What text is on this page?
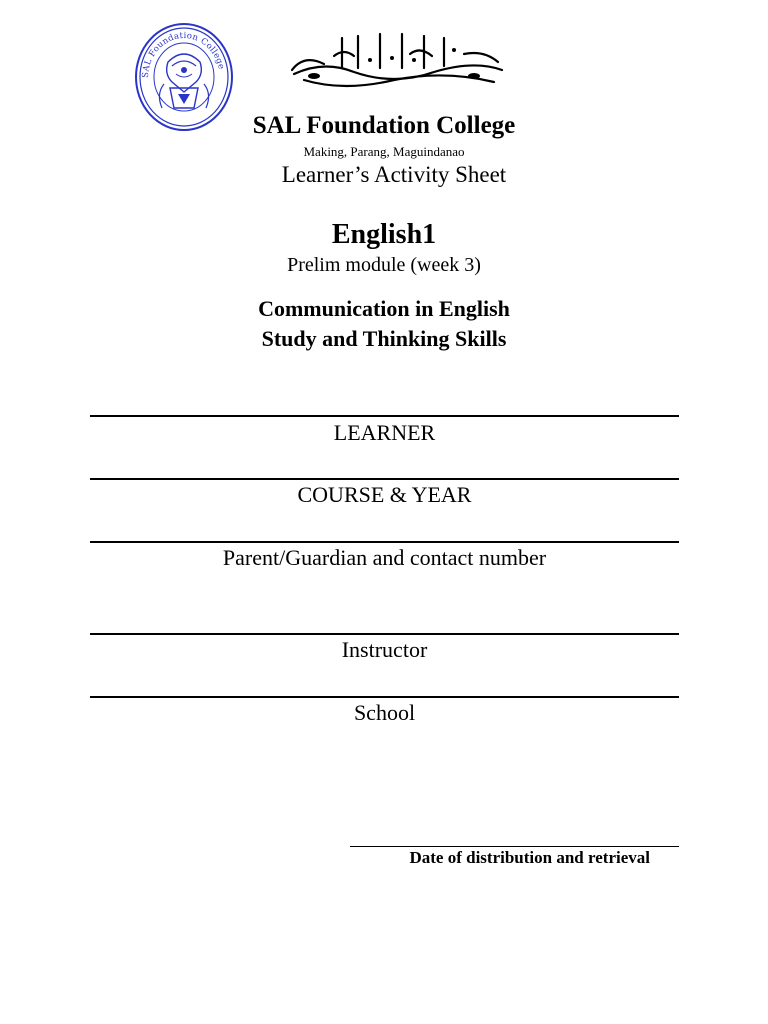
SAL Foundation College
SAL Foundation College
Making, Parang, Maguindanao
Learner’s Activity Sheet
English1
Prelim module (week 3)
Communication in English
Study and Thinking Skills
LEARNER
COURSE & YEAR
Parent/Guardian and contact number
Instructor
School
Date of distribution and retrieval
